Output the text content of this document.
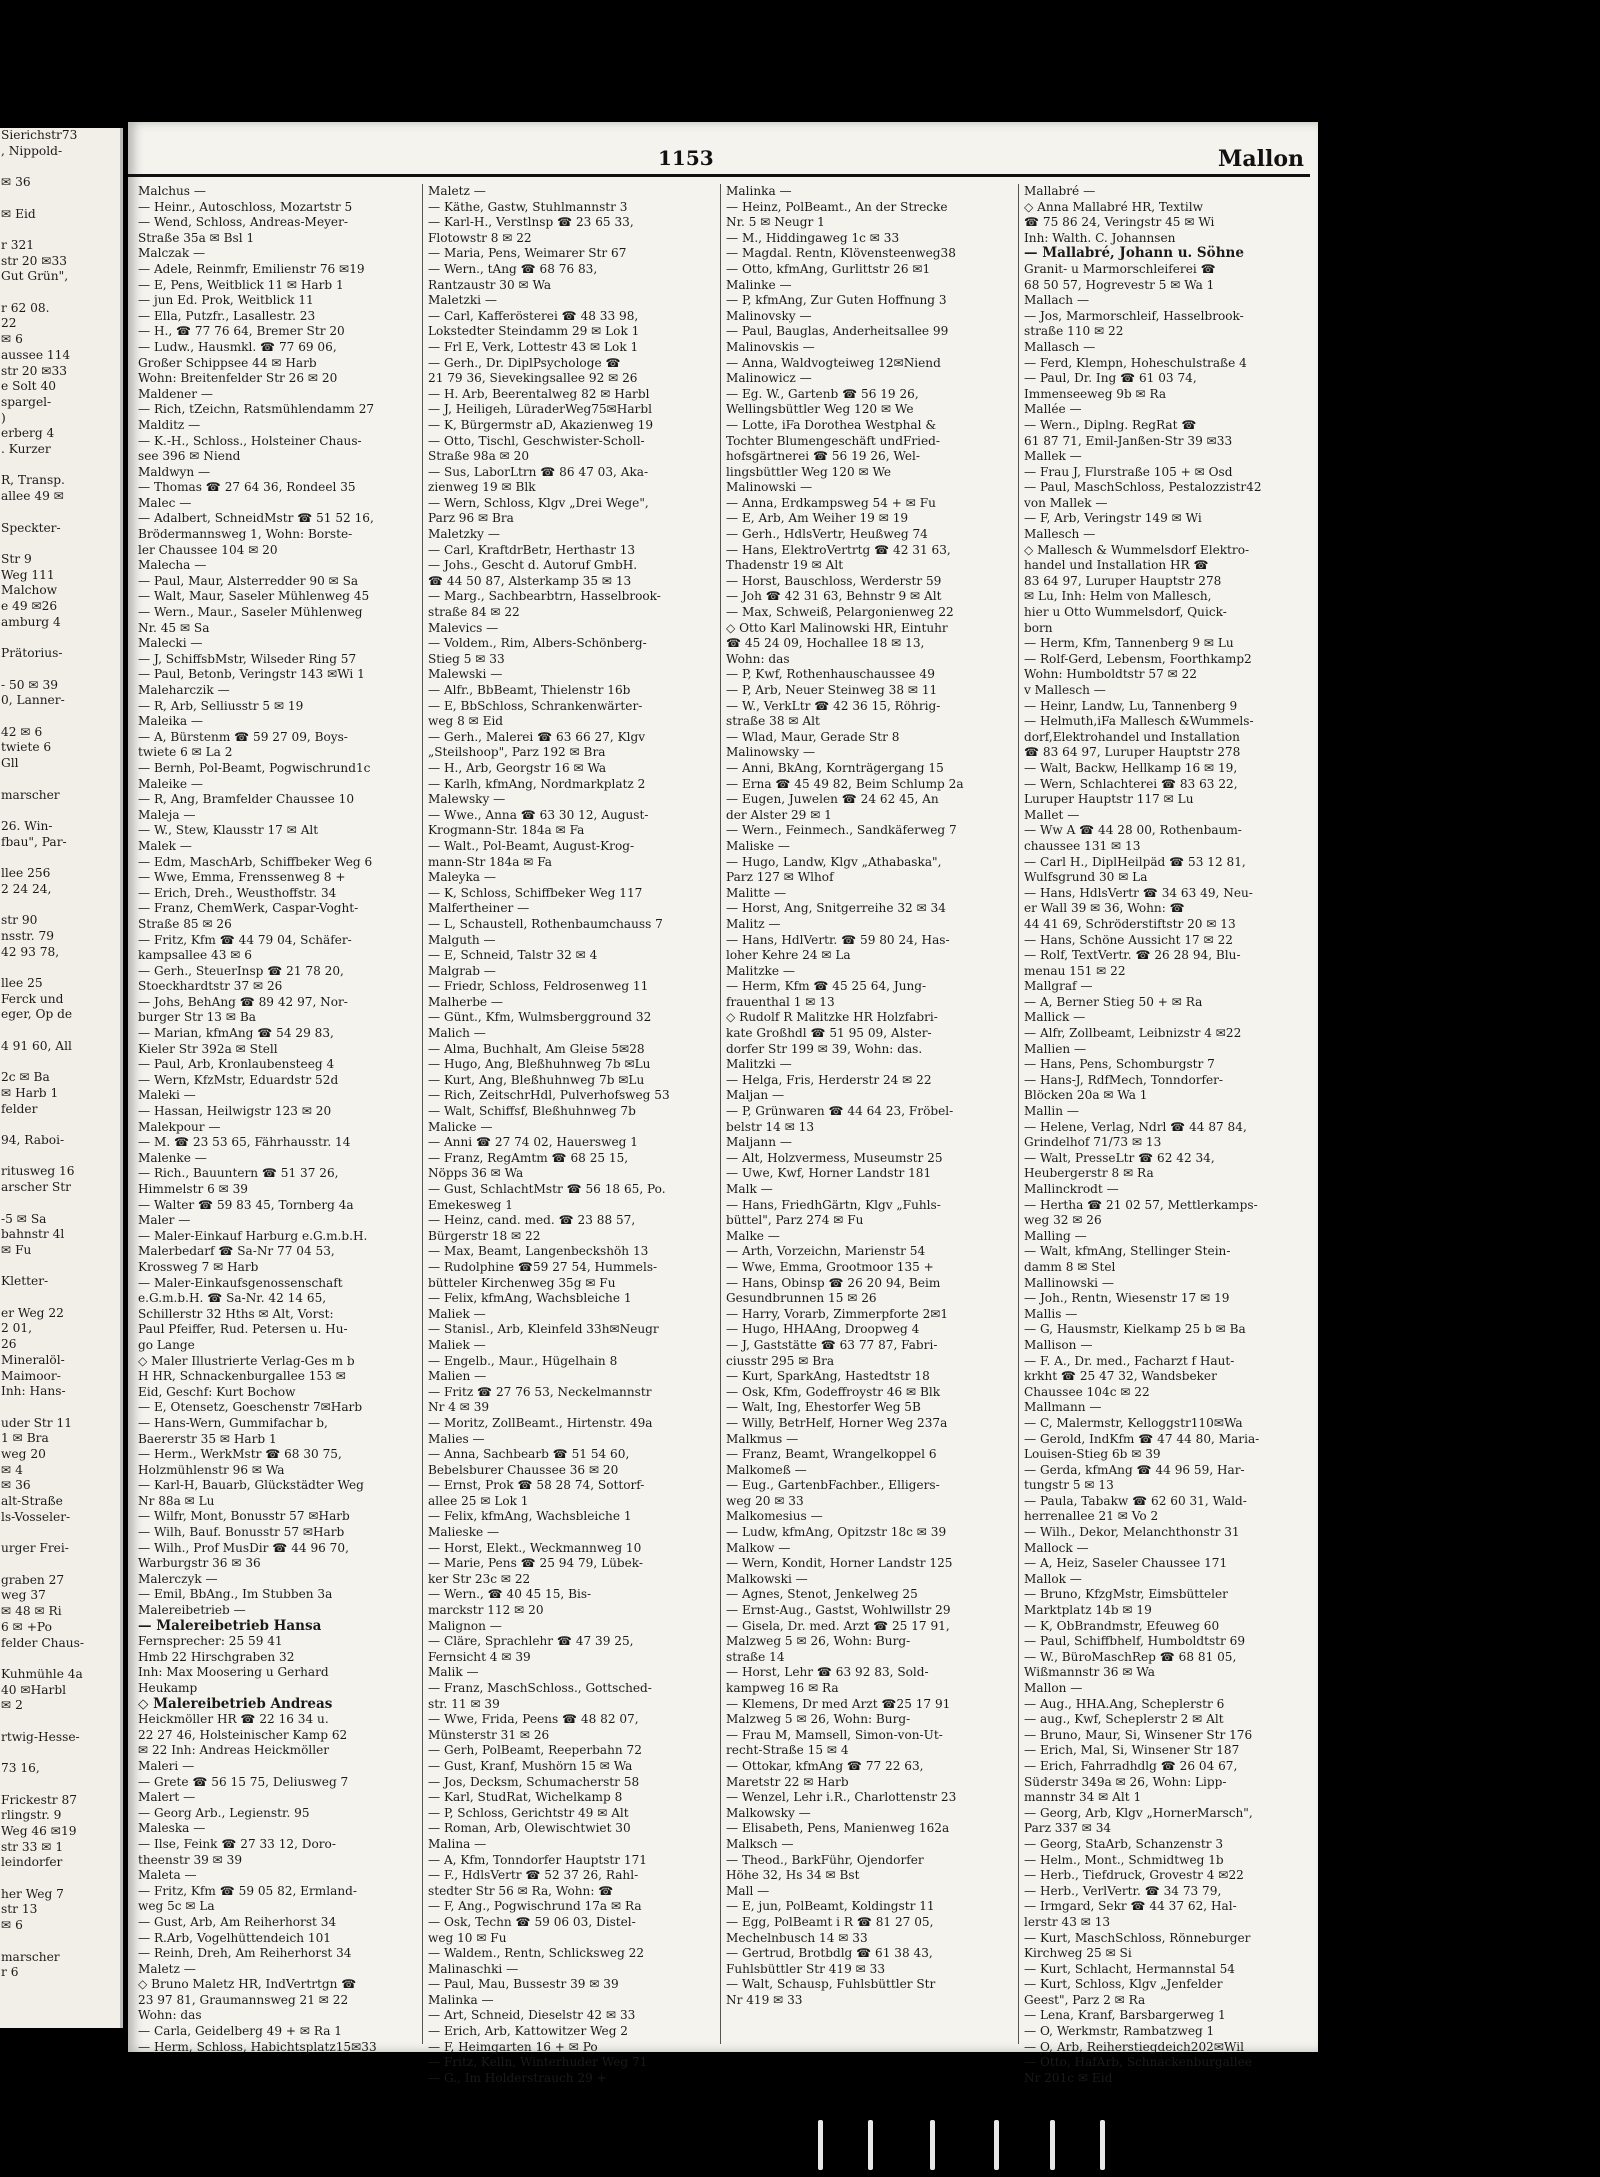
Sierichstr73
, Nippold-

✉ 36

✉ Eid

r 321
str 20 ✉33
Gut Grün",

r 62 08.
22
✉ 6
aussee 114
str 20 ✉33
e Solt 40
spargel-
)
erberg 4
. Kurzer

R, Transp.
allee 49 ✉

Speckter-

Str 9
Weg 111
Malchow
e 49 ✉26
amburg 4

Prätorius-

- 50 ✉ 39
0, Lanner-

42 ✉ 6
twiete 6
Gll

marscher

26. Win-
fbau", Par-

llee 256
2 24 24,

str 90
nsstr. 79
42 93 78,

llee 25
Ferck und
eger, Op de

4 91 60, All

2c ✉ Ba
✉ Harb 1
felder

94, Raboi-

ritusweg 16
arscher Str

-5 ✉ Sa
bahnstr 4l
✉ Fu

Kletter-

er Weg 22
2 01,
26
Mineralöl-
Maimoor-
Inh: Hans-

uder Str 11
1 ✉ Bra
weg 20
✉ 4
✉ 36
alt-Straße
ls-Vosseler-

urger Frei-

graben 27
weg 37
✉ 48 ✉ Ri
6 ✉ +Po
felder Chaus-

Kuhmühle 4a
40 ✉Harbl
✉ 2

rtwig-Hesse-

73 16,

Frickestr 87
rlingstr. 9
Weg 46 ✉19
str 33 ✉ 1
leindorfer

her Weg 7
str 13
✉ 6

marscher
r 6
1153	Mallon
Malchus —
— Heinr., Autoschloss, Mozartstr 5
— Wend, Schloss, Andreas-Meyer-
Straße 35a ✉ Bsl 1
Malczak —
— Adele, Reinmfr, Emilienstr 76 ✉19
— E, Pens, Weitblick 11 ✉ Harb 1
— jun Ed. Prok, Weitblick 11
— Ella, Putzfr., Lasallestr. 23
— H., ☎ 77 76 64, Bremer Str 20
— Ludw., Hausmkl. ☎ 77 69 06,
Großer Schippsee 44 ✉ Harb
Wohn: Breitenfelder Str 26 ✉ 20
Maldener —
— Rich, tZeichn, Ratsmühlendamm 27
Malditz —
— K.-H., Schloss., Holsteiner Chaus-
see 396 ✉ Niend
Maldwyn —
— Thomas ☎ 27 64 36, Rondeel 35
Malec —
— Adalbert, SchneidMstr ☎ 51 52 16,
Brödermannsweg 1, Wohn: Borste-
ler Chaussee 104 ✉ 20
Malecha —
— Paul, Maur, Alsterredder 90 ✉ Sa
— Walt, Maur, Saseler Mühlenweg 45
— Wern., Maur., Saseler Mühlenweg
Nr. 45 ✉ Sa
Malecki —
— J, SchiffsbMstr, Wilseder Ring 57
— Paul, Betonb, Veringstr 143 ✉Wi 1
Maleharczik —
— R, Arb, Selliusstr 5 ✉ 19
Maleika —
— A, Bürstenm ☎ 59 27 09, Boys-
twiete 6 ✉ La 2
— Bernh, Pol-Beamt, Pogwischrund1c
Maleike —
— R, Ang, Bramfelder Chaussee 10
Maleja —
— W., Stew, Klausstr 17 ✉ Alt
Malek —
— Edm, MaschArb, Schiffbeker Weg 6
— Wwe, Emma, Frenssenweg 8 +
— Erich, Dreh., Weusthoffstr. 34
— Franz, ChemWerk, Caspar-Voght-
Straße 85 ✉ 26
— Fritz, Kfm ☎ 44 79 04, Schäfer-
kampsallee 43 ✉ 6
— Gerh., SteuerInsp ☎ 21 78 20,
Stoeckhardtstr 37 ✉ 26
— Johs, BehAng ☎ 89 42 97, Nor-
burger Str 13 ✉ Ba
— Marian, kfmAng ☎ 54 29 83,
Kieler Str 392a ✉ Stell
— Paul, Arb, Kronlaubensteeg 4
— Wern, KfzMstr, Eduardstr 52d
Maleki —
— Hassan, Heilwigstr 123 ✉ 20
Malekpour —
— M. ☎ 23 53 65, Fährhausstr. 14
Malenke —
— Rich., Bauuntern ☎ 51 37 26,
Himmelstr 6 ✉ 39
— Walter ☎ 59 83 45, Tornberg 4a
Maler —
— Maler-Einkauf Harburg e.G.m.b.H.
Malerbedarf ☎ Sa-Nr 77 04 53,
Krossweg 7 ✉ Harb
— Maler-Einkaufsgenossenschaft
e.G.m.b.H. ☎ Sa-Nr. 42 14 65,
Schillerstr 32 Hths ✉ Alt, Vorst:
Paul Pfeiffer, Rud. Petersen u. Hu-
go Lange
◇ Maler Illustrierte Verlag-Ges m b
H HR, Schnackenburgallee 153 ✉
Eid, Geschf: Kurt Bochow
— E, Otensetz, Goeschenstr 7✉Harb
— Hans-Wern, Gummifachar b,
Baererstr 35 ✉ Harb 1
— Herm., WerkMstr ☎ 68 30 75,
Holzmühlenstr 96 ✉ Wa
— Karl-H, Bauarb, Glückstädter Weg
Nr 88a ✉ Lu
— Wilfr, Mont, Bonusstr 57 ✉Harb
— Wilh, Bauf. Bonusstr 57 ✉Harb
— Wilh., Prof MusDir ☎ 44 96 70,
Warburgstr 36 ✉ 36
Malerczyk —
— Emil, BbAng., Im Stubben 3a
Malereibetrieb —
— Malereibetrieb Hansa
Fernsprecher: 25 59 41
Hmb 22 Hirschgraben 32
Inh: Max Moosering u Gerhard
Heukamp
◇ Malereibetrieb Andreas
Heickmöller HR ☎ 22 16 34 u.
22 27 46, Holsteinischer Kamp 62
✉ 22 Inh: Andreas Heickmöller
Maleri —
— Grete ☎ 56 15 75, Deliusweg 7
Malert —
— Georg Arb., Legienstr. 95
Maleska —
— Ilse, Feink ☎ 27 33 12, Doro-
theenstr 39 ✉ 39
Maleta —
— Fritz, Kfm ☎ 59 05 82, Ermland-
weg 5c ✉ La
— Gust, Arb, Am Reiherhorst 34
— R.Arb, Vogelhüttendeich 101
— Reinh, Dreh, Am Reiherhorst 34
Maletz —
◇ Bruno Maletz HR, IndVertrtgn ☎
23 97 81, Graumannsweg 21 ✉ 22
Wohn: das
— Carla, Geidelberg 49 + ✉ Ra 1
— Herm, Schloss, Habichtsplatz15✉33
Maletz —
— Käthe, Gastw, Stuhlmannstr 3
— Karl-H., Verstlnsp ☎ 23 65 33,
Flotowstr 8 ✉ 22
— Maria, Pens, Weimarer Str 67
— Wern., tAng ☎ 68 76 83,
Rantzaustr 30 ✉ Wa
Maletzki —
— Carl, Kafferösterei ☎ 48 33 98,
Lokstedter Steindamm 29 ✉ Lok 1
— Frl E, Verk, Lottestr 43 ✉ Lok 1
— Gerh., Dr. DiplPsychologe ☎
21 79 36, Sievekingsallee 92 ✉ 26
— H. Arb, Beerentalweg 82 ✉ Harbl
— J, Heiligeh, LüraderWeg75✉Harbl
— K, Bürgermstr aD, Akazienweg 19
— Otto, Tischl, Geschwister-Scholl-
Straße 98a ✉ 20
— Sus, LaborLtrn ☎ 86 47 03, Aka-
zienweg 19 ✉ Blk
— Wern, Schloss, Klgv „Drei Wege",
Parz 96 ✉ Bra
Maletzky —
— Carl, KraftdrBetr, Herthastr 13
— Johs., Gescht d. Autoruf GmbH.
☎ 44 50 87, Alsterkamp 35 ✉ 13
— Marg., Sachbearbtrn, Hasselbrook-
straße 84 ✉ 22
Malevics —
— Voldem., Rim, Albers-Schönberg-
Stieg 5 ✉ 33
Malewski —
— Alfr., BbBeamt, Thielenstr 16b
— E, BbSchloss, Schrankenwärter-
weg 8 ✉ Eid
— Gerh., Malerei ☎ 63 66 27, Klgv
„Steilshoop", Parz 192 ✉ Bra
— H., Arb, Georgstr 16 ✉ Wa
— Karlh, kfmAng, Nordmarkplatz 2
Malewsky —
— Wwe., Anna ☎ 63 30 12, August-
Krogmann-Str. 184a ✉ Fa
— Walt., Pol-Beamt, August-Krog-
mann-Str 184a ✉ Fa
Maleyka —
— K, Schloss, Schiffbeker Weg 117
Malfertheiner —
— L, Schaustell, Rothenbaumchauss 7
Malguth —
— E, Schneid, Talstr 32 ✉ 4
Malgrab —
— Friedr, Schloss, Feldrosenweg 11
Malherbe —
— Günt., Kfm, Wulmsbergground 32
Malich —
— Alma, Buchhalt, Am Gleise 5✉28
— Hugo, Ang, Bleßhuhnweg 7b ✉Lu
— Kurt, Ang, Bleßhuhnweg 7b ✉Lu
— Rich, ZeitschrHdl, Pulverhofsweg 53
— Walt, Schiffsf, Bleßhuhnweg 7b
Malicke —
— Anni ☎ 27 74 02, Hauersweg 1
— Franz, RegAmtm ☎ 68 25 15,
Nöpps 36 ✉ Wa
— Gust, SchlachtMstr ☎ 56 18 65, Po.
Emekesweg 1
— Heinz, cand. med. ☎ 23 88 57,
Bürgerstr 18 ✉ 22
— Max, Beamt, Langenbeckshöh 13
— Rudolphine ☎59 27 54, Hummels-
bütteler Kirchenweg 35g ✉ Fu
— Felix, kfmAng, Wachsbleiche 1
Maliek —
— Stanisl., Arb, Kleinfeld 33h✉Neugr
Maliek —
— Engelb., Maur., Hügelhain 8
Malien —
— Fritz ☎ 27 76 53, Neckelmannstr
Nr 4 ✉ 39
— Moritz, ZollBeamt., Hirtenstr. 49a
Malies —
— Anna, Sachbearb ☎ 51 54 60,
Bebelsburer Chaussee 36 ✉ 20
— Ernst, Prok ☎ 58 28 74, Sottorf-
allee 25 ✉ Lok 1
— Felix, kfmAng, Wachsbleiche 1
Malieske —
— Horst, Elekt., Weckmannweg 10
— Marie, Pens ☎ 25 94 79, Lübek-
ker Str 23c ✉ 22
— Wern., ☎ 40 45 15, Bis-
marckstr 112 ✉ 20
Malignon —
— Cläre, Sprachlehr ☎ 47 39 25,
Fernsicht 4 ✉ 39
Malik —
— Franz, MaschSchloss., Gottsched-
str. 11 ✉ 39
— Wwe, Frida, Peens ☎ 48 82 07,
Münsterstr 31 ✉ 26
— Gerh, PolBeamt, Reeperbahn 72
— Gust, Kranf, Mushörn 15 ✉ Wa
— Jos, Decksm, Schumacherstr 58
— Karl, StudRat, Wichelkamp 8
— P, Schloss, Gerichtstr 49 ✉ Alt
— Roman, Arb, Olewischtwiet 30
Malina —
— A, Kfm, Tonndorfer Hauptstr 171
— F., HdlsVertr ☎ 52 37 26, Rahl-
stedter Str 56 ✉ Ra, Wohn: ☎
— F, Ang., Pogwischrund 17a ✉ Ra
— Osk, Techn ☎ 59 06 03, Distel-
weg 10 ✉ Fu
— Waldem., Rentn, Schlicksweg 22
Malinaschki —
— Paul, Mau, Bussestr 39 ✉ 39
Malinka —
— Art, Schneid, Dieselstr 42 ✉ 33
— Erich, Arb, Kattowitzer Weg 2
— F, Heimgarten 16 + ✉ Po
— Fritz, Kelln, Winterhuder Weg 71
— G., Im Holderstrauch 29 +
Malinka —
— Heinz, PolBeamt., An der Strecke
Nr. 5 ✉ Neugr 1
— M., Hiddingaweg 1c ✉ 33
— Magdal. Rentn, Klövensteenweg38
— Otto, kfmAng, Gurlittstr 26 ✉1
Malinke —
— P, kfmAng, Zur Guten Hoffnung 3
Malinovsky —
— Paul, Bauglas, Anderheitsallee 99
Malinovskis —
— Anna, Waldvogteiweg 12✉Niend
Malinowicz —
— Eg. W., Gartenb ☎ 56 19 26,
Wellingsbüttler Weg 120 ✉ We
— Lotte, iFa Dorothea Westphal &
Tochter Blumengeschäft undFried-
hofsgärtnerei ☎ 56 19 26, Wel-
lingsbüttler Weg 120 ✉ We
Malinowski —
— Anna, Erdkampsweg 54 + ✉ Fu
— E, Arb, Am Weiher 19 ✉ 19
— Gerh., HdlsVertr, Heußweg 74
— Hans, ElektroVertrtg ☎ 42 31 63,
Thadenstr 19 ✉ Alt
— Horst, Bauschloss, Werderstr 59
— Joh ☎ 42 31 63, Behnstr 9 ✉ Alt
— Max, Schweiß, Pelargonienweg 22
◇ Otto Karl Malinowski HR, Eintuhr
☎ 45 24 09, Hochallee 18 ✉ 13,
Wohn: das
— P, Kwf, Rothenhauschaussee 49
— P, Arb, Neuer Steinweg 38 ✉ 11
— W., VerkLtr ☎ 42 36 15, Röhrig-
straße 38 ✉ Alt
— Wlad, Maur, Gerade Str 8
Malinowsky —
— Anni, BkAng, Kornträgergang 15
— Erna ☎ 45 49 82, Beim Schlump 2a
— Eugen, Juwelen ☎ 24 62 45, An
der Alster 29 ✉ 1
— Wern., Feinmech., Sandkäferweg 7
Maliske —
— Hugo, Landw, Klgv „Athabaska",
Parz 127 ✉ Wlhof
Malitte —
— Horst, Ang, Snitgerreihe 32 ✉ 34
Malitz —
— Hans, HdlVertr. ☎ 59 80 24, Has-
loher Kehre 24 ✉ La
Malitzke —
— Herm, Kfm ☎ 45 25 64, Jung-
frauenthal 1 ✉ 13
◇ Rudolf R Malitzke HR Holzfabri-
kate Großhdl ☎ 51 95 09, Alster-
dorfer Str 199 ✉ 39, Wohn: das.
Malitzki —
— Helga, Fris, Herderstr 24 ✉ 22
Maljan —
— P, Grünwaren ☎ 44 64 23, Fröbel-
belstr 14 ✉ 13
Maljann —
— Alt, Holzvermess, Museumstr 25
— Uwe, Kwf, Horner Landstr 181
Malk —
— Hans, FriedhGärtn, Klgv „Fuhls-
büttel", Parz 274 ✉ Fu
Malke —
— Arth, Vorzeichn, Marienstr 54
— Wwe, Emma, Grootmoor 135 +
— Hans, Obinsp ☎ 26 20 94, Beim
Gesundbrunnen 15 ✉ 26
— Harry, Vorarb, Zimmerpforte 2✉1
— Hugo, HHAAng, Droopweg 4
— J, Gaststätte ☎ 63 77 87, Fabri-
ciusstr 295 ✉ Bra
— Kurt, SparkAng, Hastedtstr 18
— Osk, Kfm, Godeffroystr 46 ✉ Blk
— Walt, Ing, Ehestorfer Weg 5B
— Willy, BetrHelf, Horner Weg 237a
Malkmus —
— Franz, Beamt, Wrangelkoppel 6
Malkomeß —
— Eug., GartenbFachber., Elligers-
weg 20 ✉ 33
Malkomesius —
— Ludw, kfmAng, Opitzstr 18c ✉ 39
Malkow —
— Wern, Kondit, Horner Landstr 125
Malkowski —
— Agnes, Stenot, Jenkelweg 25
— Ernst-Aug., Gastst, Wohlwillstr 29
— Gisela, Dr. med. Arzt ☎ 25 17 91,
Malzweg 5 ✉ 26, Wohn: Burg-
straße 14
— Horst, Lehr ☎ 63 92 83, Sold-
kampweg 16 ✉ Ra
— Klemens, Dr med Arzt ☎25 17 91
Malzweg 5 ✉ 26, Wohn: Burg-
— Frau M, Mamsell, Simon-von-Ut-
recht-Straße 15 ✉ 4
— Ottokar, kfmAng ☎ 77 22 63,
Maretstr 22 ✉ Harb
— Wenzel, Lehr i.R., Charlottenstr 23
Malkowsky —
— Elisabeth, Pens, Manienweg 162a
Malksch —
— Theod., BarkFühr, Ojendorfer
Höhe 32, Hs 34 ✉ Bst
Mall —
— E, jun, PolBeamt, Koldingstr 11
— Egg, PolBeamt i R ☎ 81 27 05,
Mechelnbusch 14 ✉ 33
— Gertrud, Brotbdlg ☎ 61 38 43,
Fuhlsbüttler Str 419 ✉ 33
— Walt, Schausp, Fuhlsbüttler Str
Nr 419 ✉ 33
Mallabré —
◇ Anna Mallabré HR, Textilw
☎ 75 86 24, Veringstr 45 ✉ Wi
Inh: Walth. C. Johannsen
— Mallabré, Johann u. Söhne
Granit- u Marmorschleiferei ☎
68 50 57, Hogrevestr 5 ✉ Wa 1
Mallach —
— Jos, Marmorschleif, Hasselbrook-
straße 110 ✉ 22
Mallasch —
— Ferd, Klempn, Hoheschulstraße 4
— Paul, Dr. Ing ☎ 61 03 74,
Immenseeweg 9b ✉ Ra
Mallée —
— Wern., Diplng. RegRat ☎
61 87 71, Emil-Janßen-Str 39 ✉33
Mallek —
— Frau J, Flurstraße 105 + ✉ Osd
— Paul, MaschSchloss, Pestalozzistr42
von Mallek —
— F, Arb, Veringstr 149 ✉ Wi
Mallesch —
◇ Mallesch & Wummelsdorf Elektro-
handel und Installation HR ☎
83 64 97, Luruper Hauptstr 278
✉ Lu, Inh: Helm von Mallesch,
hier u Otto Wummelsdorf, Quick-
born
— Herm, Kfm, Tannenberg 9 ✉ Lu
— Rolf-Gerd, Lebensm, Foorthkamp2
Wohn: Humboldtstr 57 ✉ 22
v Mallesch —
— Heinr, Landw, Lu, Tannenberg 9
— Helmuth,iFa Mallesch &Wummels-
dorf,Elektrohandel und Installation
☎ 83 64 97, Luruper Hauptstr 278
— Walt, Backw, Hellkamp 16 ✉ 19,
— Wern, Schlachterei ☎ 83 63 22,
Luruper Hauptstr 117 ✉ Lu
Mallet —
— Ww A ☎ 44 28 00, Rothenbaum-
chaussee 131 ✉ 13
— Carl H., DiplHeilpäd ☎ 53 12 81,
Wulfsgrund 30 ✉ La
— Hans, HdlsVertr ☎ 34 63 49, Neu-
er Wall 39 ✉ 36, Wohn: ☎
44 41 69, Schröderstiftstr 20 ✉ 13
— Hans, Schöne Aussicht 17 ✉ 22
— Rolf, TextVertr. ☎ 26 28 94, Blu-
menau 151 ✉ 22
Mallgraf —
— A, Berner Stieg 50 + ✉ Ra
Mallick —
— Alfr, Zollbeamt, Leibnizstr 4 ✉22
Mallien —
— Hans, Pens, Schomburgstr 7
— Hans-J, RdfMech, Tonndorfer-
Blöcken 20a ✉ Wa 1
Mallin —
— Helene, Verlag, Ndrl ☎ 44 87 84,
Grindelhof 71/73 ✉ 13
— Walt, PresseLtr ☎ 62 42 34,
Heubergerstr 8 ✉ Ra
Mallinckrodt —
— Hertha ☎ 21 02 57, Mettlerkamps-
weg 32 ✉ 26
Malling —
— Walt, kfmAng, Stellinger Stein-
damm 8 ✉ Stel
Mallinowski —
— Joh., Rentn, Wiesenstr 17 ✉ 19
Mallis —
— G, Hausmstr, Kielkamp 25 b ✉ Ba
Mallison —
— F. A., Dr. med., Facharzt f Haut-
krkht ☎ 25 47 32, Wandsbeker
Chaussee 104c ✉ 22
Mallmann —
— C, Malermstr, Kelloggstr110✉Wa
— Gerold, IndKfm ☎ 47 44 80, Maria-
Louisen-Stieg 6b ✉ 39
— Gerda, kfmAng ☎ 44 96 59, Har-
tungstr 5 ✉ 13
— Paula, Tabakw ☎ 62 60 31, Wald-
herrenallee 21 ✉ Vo 2
— Wilh., Dekor, Melanchthonstr 31
Mallock —
— A, Heiz, Saseler Chaussee 171
Mallok —
— Bruno, KfzgMstr, Eimsbütteler
Marktplatz 14b ✉ 19
— K, ObBrandmstr, Efeuweg 60
— Paul, Schiffbhelf, Humboldtstr 69
— W., BüroMaschRep ☎ 68 81 05,
Wißmannstr 36 ✉ Wa
Mallon —
— Aug., HHA.Ang, Scheplerstr 6
— aug., Kwf, Scheplerstr 2 ✉ Alt
— Bruno, Maur, Si, Winsener Str 176
— Erich, Mal, Si, Winsener Str 187
— Erich, Fahrradhdlg ☎ 26 04 67,
Süderstr 349a ✉ 26, Wohn: Lipp-
mannstr 34 ✉ Alt 1
— Georg, Arb, Klgv „HornerMarsch",
Parz 337 ✉ 34
— Georg, StaArb, Schanzenstr 3
— Helm., Mont., Schmidtweg 1b
— Herb., Tiefdruck, Grovestr 4 ✉22
— Herb., VerlVertr. ☎ 34 73 79,
— Irmgard, Sekr ☎ 44 37 62, Hal-
lerstr 43 ✉ 13
— Kurt, MaschSchloss, Rönneburger
Kirchweg 25 ✉ Si
— Kurt, Schlacht, Hermannstal 54
— Kurt, Schloss, Klgv „Jenfelder
Geest", Parz 2 ✉ Ra
— Lena, Kranf, Barsbargerweg 1
— O, Werkmstr, Rambatzweg 1
— O, Arb, Reiherstiegdeich202✉Wil
— Otto, HafArb, Schnackenburgallee
Nr 201c ✉ Eid
